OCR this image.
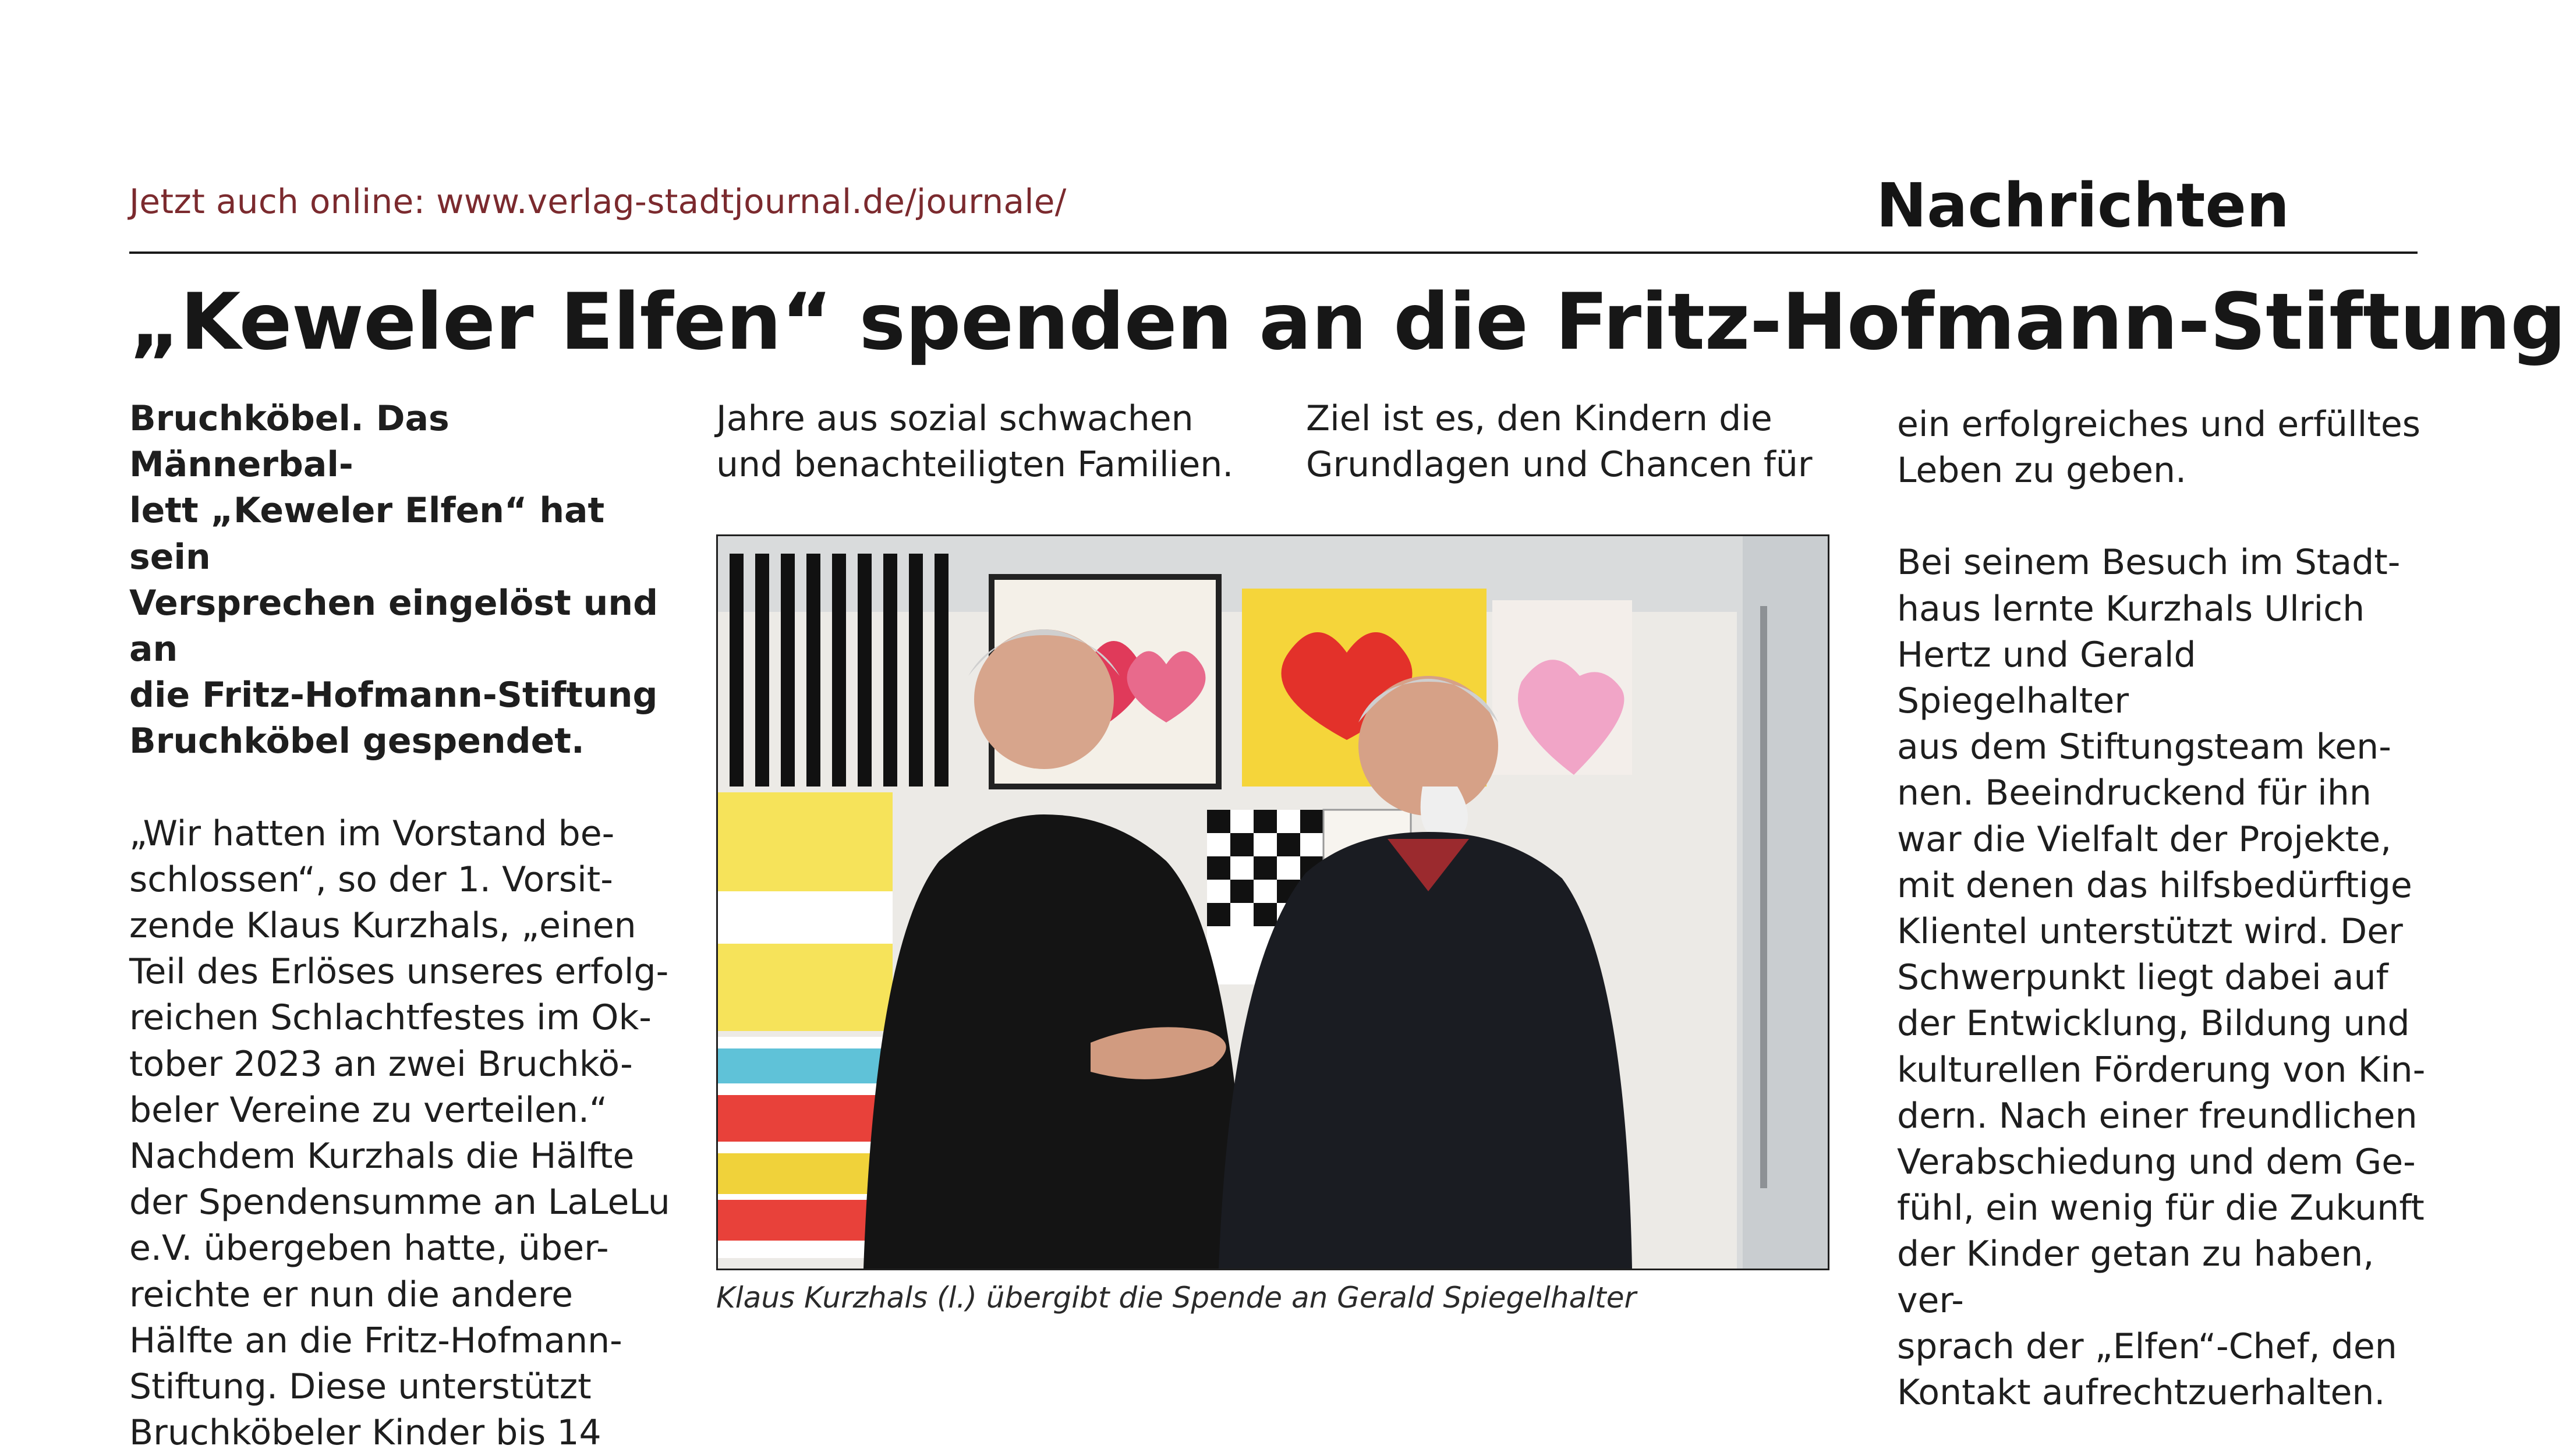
Jetzt auch online: www.verlag-stadtjournal.de/journale/	Nachrichten
„Keweler Elfen“ spenden an die Fritz-Hofmann-Stiftung

Bruchköbel. Das Männerbal-

lett „Keweler Elfen“ hat sein

Versprechen eingelöst und an

die Fritz-Hofmann-Stiftung

Bruchköbel gespendet.

„Wir hatten im Vorstand be-

schlossen“, so der 1. Vorsit-

zende Klaus Kurzhals, „einen

Teil des Erlöses unseres erfolg-

reichen Schlachtfestes im Ok-

tober 2023 an zwei Bruchkö-

beler Vereine zu verteilen.“

Nachdem Kurzhals die Hälfte

der Spendensumme an LaLeLu

e.V. übergeben hatte, über-

reichte er nun die andere

Hälfte an die Fritz-Hofmann-

Stiftung. Diese unterstützt

Bruchköbeler Kinder bis 14

Jahre aus sozial schwachen

und benachteiligten Familien.

Ziel ist es, den Kindern die

Grundlagen und Chancen für

ein erfolgreiches und erfülltes

Leben zu geben.

Bei seinem Besuch im Stadt-

haus lernte Kurzhals Ulrich

Hertz und Gerald Spiegelhalter

aus dem Stiftungsteam ken-

nen. Beeindruckend für ihn

war die Vielfalt der Projekte,

mit denen das hilfsbedürftige

Klientel unterstützt wird. Der

Schwerpunkt liegt dabei auf

der Entwicklung, Bildung und

kulturellen Förderung von Kin-

dern. Nach einer freundlichen

Verabschiedung und dem Ge-

fühl, ein wenig für die Zukunft

der Kinder getan zu haben, ver-

sprach der „Elfen“-Chef, den

Kontakt aufrechtzuerhalten.

Klaus Kurzhals (l.) übergibt die Spende an Gerald Spiegelhalter
